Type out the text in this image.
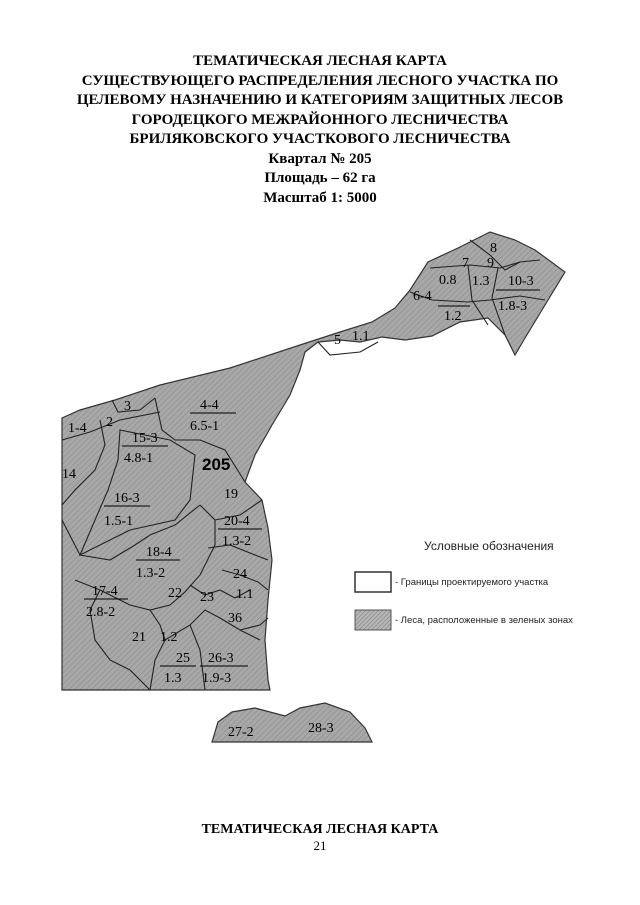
ТЕМАТИЧЕСКАЯ ЛЕСНАЯ КАРТА
СУЩЕСТВУЮЩЕГО РАСПРЕДЕЛЕНИЯ ЛЕСНОГО УЧАСТКА ПО
ЦЕЛЕВОМУ НАЗНАЧЕНИЮ И КАТЕГОРИЯМ ЗАЩИТНЫХ ЛЕСОВ
ГОРОДЕЦКОГО МЕЖРАЙОННОГО ЛЕСНИЧЕСТВА
БРИЛЯКОВСКОГО УЧАСТКОВОГО ЛЕСНИЧЕСТВА
Квартал № 205
Площадь – 62 га
Масштаб 1: 5000
8
7 9
0.8 1.3 10-3
1.8-3
6-4
1.2
5 1.1
3
1-4 2
4-4
6.5-1
15-3
4.8-1	205
14
16-3
1.5-1
19
20-4
1.3-2
18-4
1.3-2	24
1.1
17-4
2.8-2
22 23
36
21 1.2
25
1.3
26-3
1.9-3
27-2	28-3
Условные обозначения
- Границы проектируемого участка
- Леса, расположенные в зеленых зонах
ТЕМАТИЧЕСКАЯ ЛЕСНАЯ КАРТА
21
